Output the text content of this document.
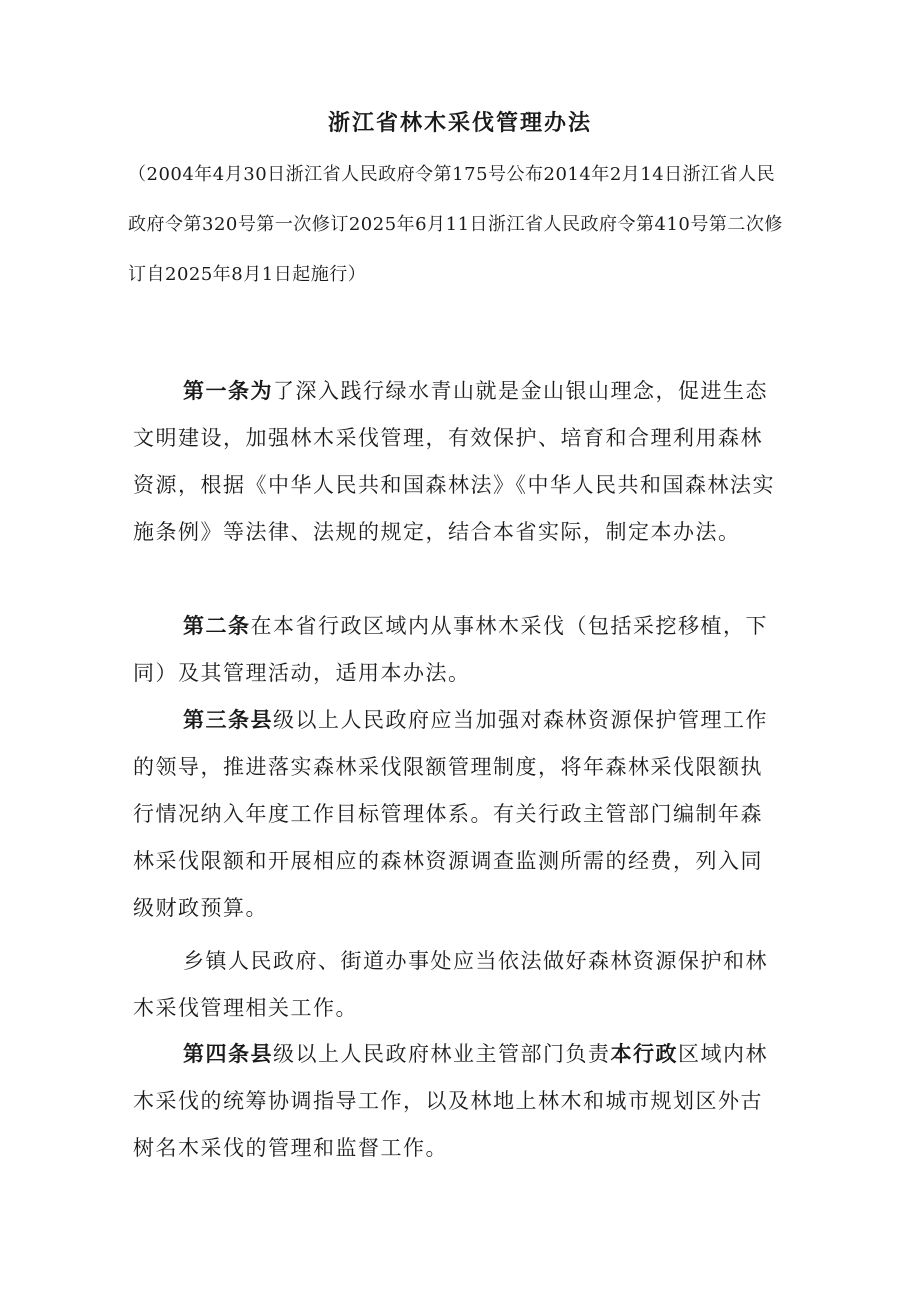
浙江省林木采伐管理办法
（2004年4月30日浙江省人民政府令第175号公布2014年2月14日浙江省人民政府令第320号第一次修订2025年6月11日浙江省人民政府令第410号第二次修订自2025年8月1日起施行）

第一条为了深入践行绿水青山就是金山银山理念，促进生态文明建设，加强林木采伐管理，有效保护、培育和合理利用森林资源，根据《中华人民共和国森林法》《中华人民共和国森林法实施条例》等法律、法规的规定，结合本省实际，制定本办法。

第二条在本省行政区域内从事林木采伐（包括采挖移植，下同）及其管理活动，适用本办法。

第三条县级以上人民政府应当加强对森林资源保护管理工作的领导，推进落实森林采伐限额管理制度，将年森林采伐限额执行情况纳入年度工作目标管理体系。有关行政主管部门编制年森林采伐限额和开展相应的森林资源调查监测所需的经费，列入同级财政预算。

乡镇人民政府、街道办事处应当依法做好森林资源保护和林木采伐管理相关工作。

第四条县级以上人民政府林业主管部门负责本行政区域内林木采伐的统筹协调指导工作，以及林地上林木和城市规划区外古树名木采伐的管理和监督工作。
